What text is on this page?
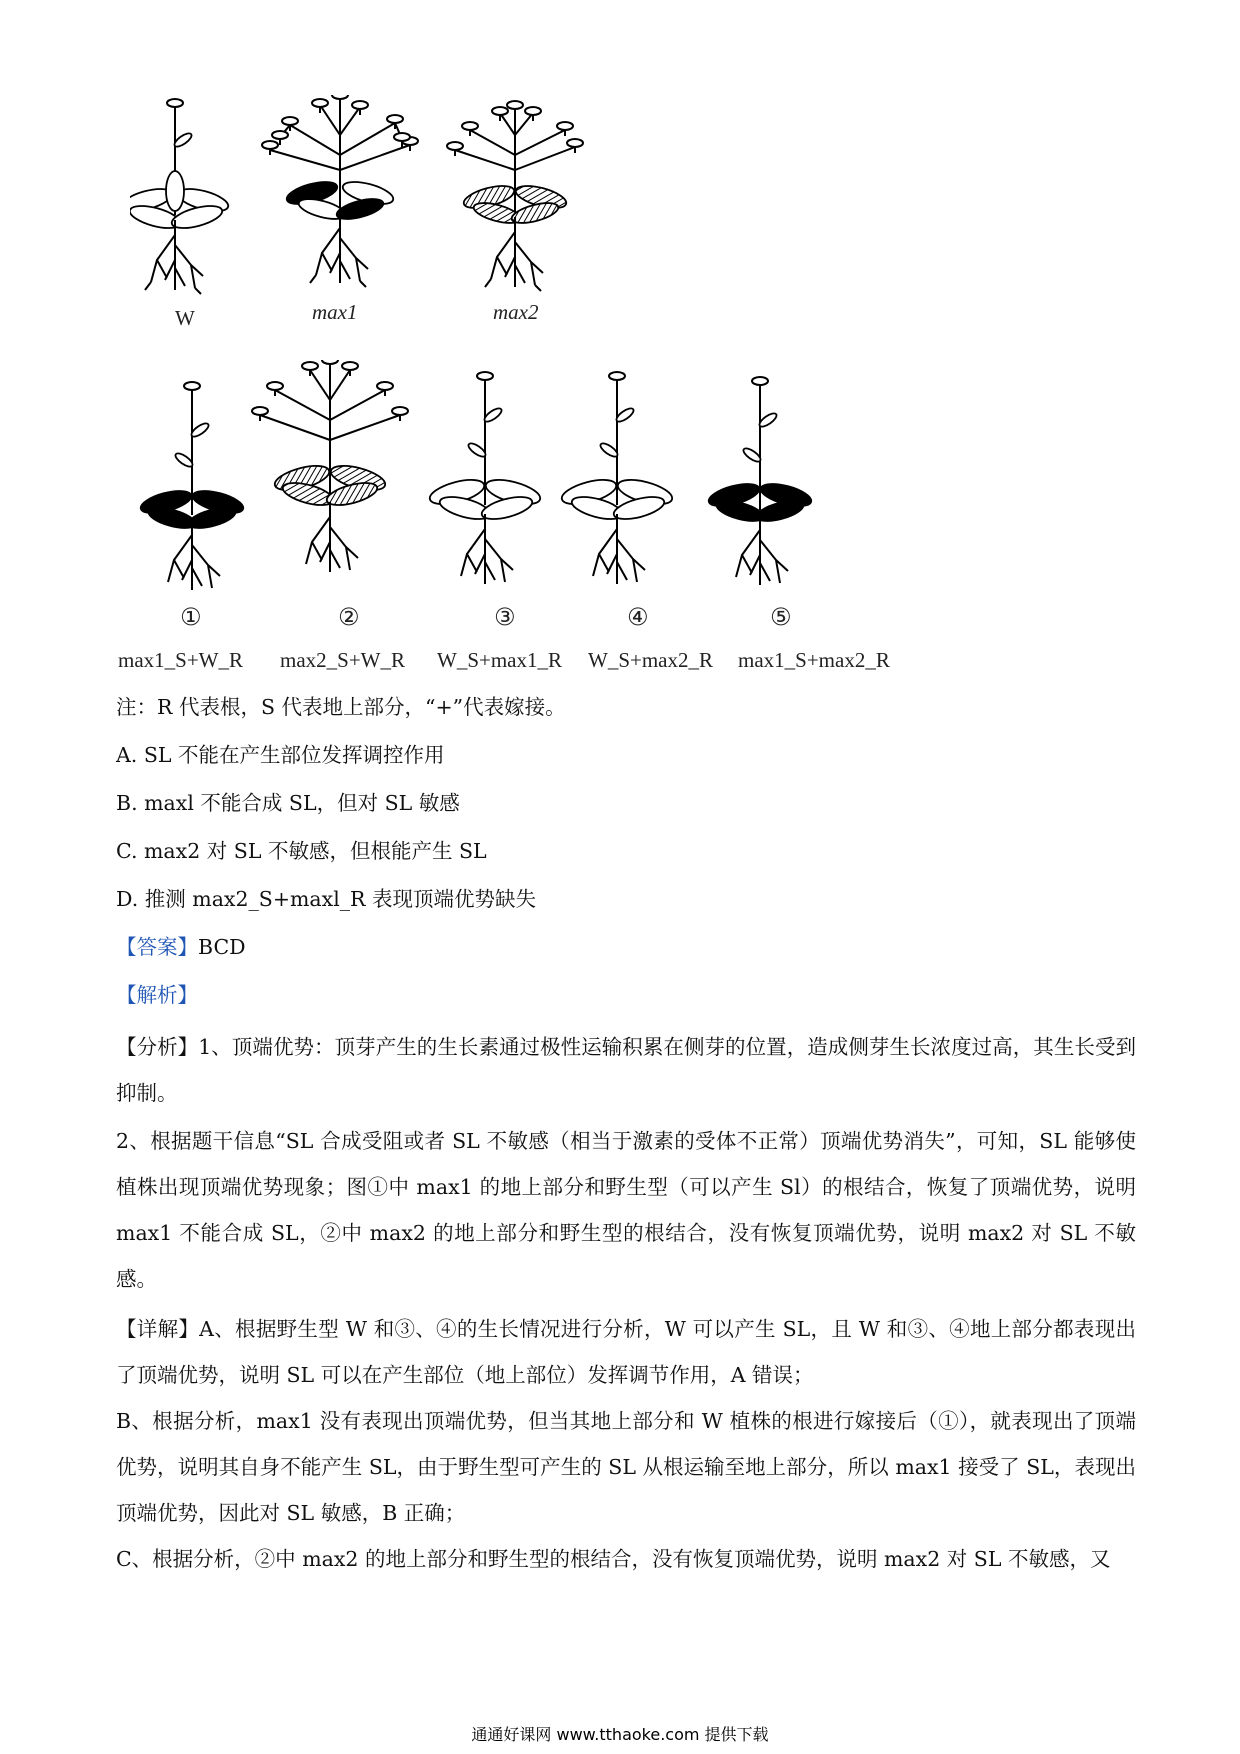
W	max1	max2
①	②	③	④	⑤
max1_S+W_R max2_S+W_R W_S+max1_R W_S+max2_R max1_S+max2_R
注：R 代表根，S 代表地上部分，“+”代表嫁接。
A. SL 不能在产生部位发挥调控作用
B. maxl 不能合成 SL，但对 SL 敏感
C. max2 对 SL 不敏感，但根能产生 SL
D. 推测 max2_S+maxl_R 表现顶端优势缺失
【答案】BCD
【解析】
【分析】1、顶端优势：顶芽产生的生长素通过极性运输积累在侧芽的位置，造成侧芽生长浓度过高，其生长受到抑制。
2、根据题干信息“SL 合成受阻或者 SL 不敏感（相当于激素的受体不正常）顶端优势消失”，可知，SL 能够使植株出现顶端优势现象；图①中 max1 的地上部分和野生型（可以产生 Sl）的根结合，恢复了顶端优势，说明 max1 不能合成 SL，②中 max2 的地上部分和野生型的根结合，没有恢复顶端优势，说明 max2 对 SL 不敏感。
【详解】A、根据野生型 W 和③、④的生长情况进行分析，W 可以产生 SL，且 W 和③、④地上部分都表现出了顶端优势，说明 SL 可以在产生部位（地上部位）发挥调节作用，A 错误；
B、根据分析，max1 没有表现出顶端优势，但当其地上部分和 W 植株的根进行嫁接后（①），就表现出了顶端优势，说明其自身不能产生 SL，由于野生型可产生的 SL 从根运输至地上部分，所以 max1 接受了 SL，表现出顶端优势，因此对 SL 敏感，B 正确；
C、根据分析，②中 max2 的地上部分和野生型的根结合，没有恢复顶端优势，说明 max2 对 SL 不敏感，又
通通好课网 www.tthaoke.com 提供下载
